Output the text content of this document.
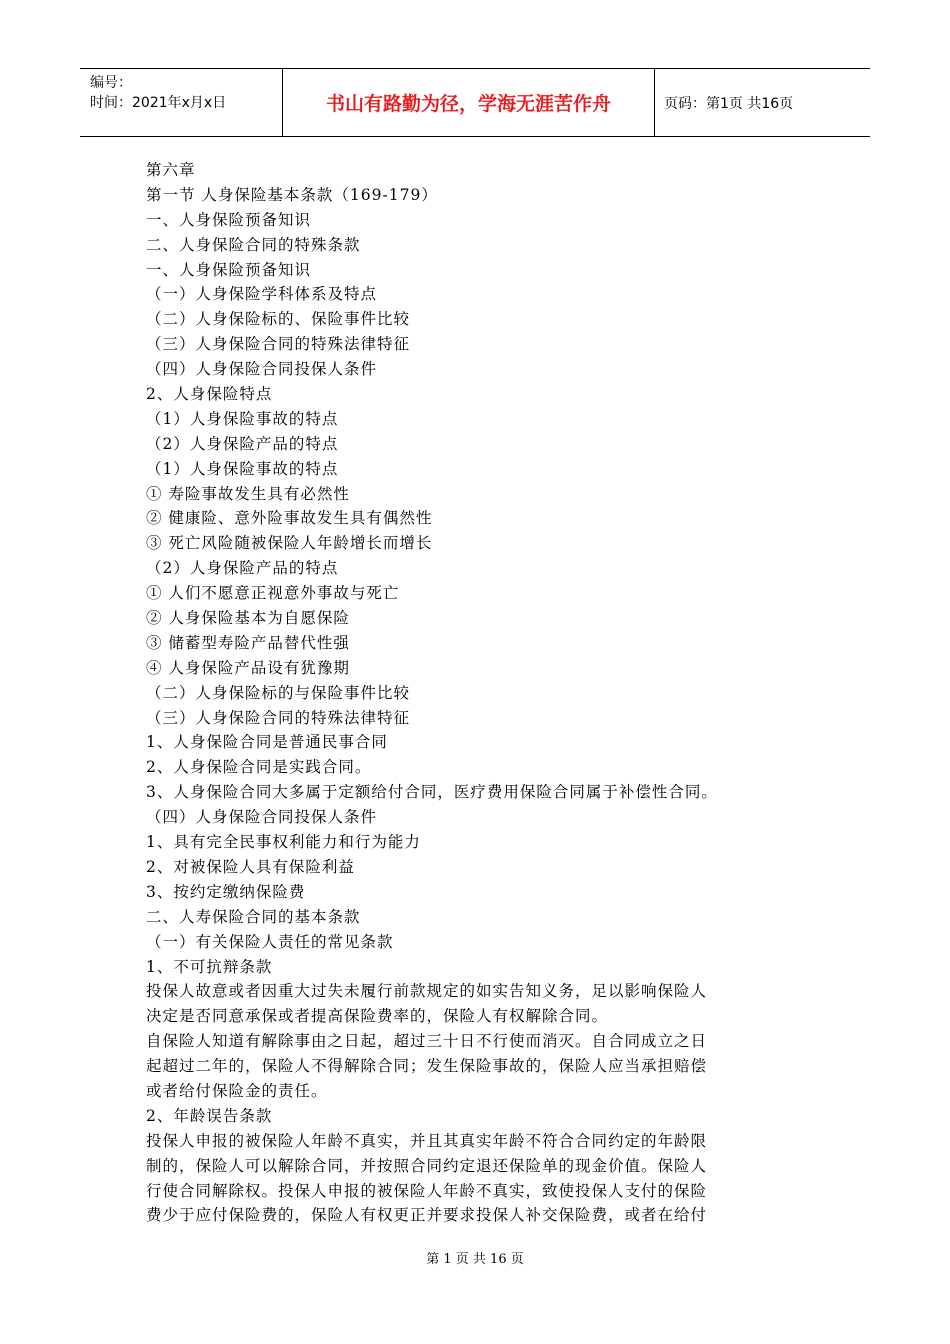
编号：
时间：2021年x月x日	书山有路勤为径，学海无涯苦作舟	页码：第1页 共16页
第六章
第一节 人身保险基本条款（169-179）
一、人身保险预备知识
二、人身保险合同的特殊条款
一、人身保险预备知识
（一）人身保险学科体系及特点
（二）人身保险标的、保险事件比较
（三）人身保险合同的特殊法律特征
（四）人身保险合同投保人条件
2、人身保险特点
（1）人身保险事故的特点
（2）人身保险产品的特点
（1）人身保险事故的特点
① 寿险事故发生具有必然性
② 健康险、意外险事故发生具有偶然性
③ 死亡风险随被保险人年龄增长而增长
（2）人身保险产品的特点
① 人们不愿意正视意外事故与死亡
② 人身保险基本为自愿保险
③ 储蓄型寿险产品替代性强
④ 人身保险产品设有犹豫期
（二）人身保险标的与保险事件比较
（三）人身保险合同的特殊法律特征
1、人身保险合同是普通民事合同
2、人身保险合同是实践合同。
3、人身保险合同大多属于定额给付合同，医疗费用保险合同属于补偿性合同。
（四）人身保险合同投保人条件
1、具有完全民事权利能力和行为能力
2、对被保险人具有保险利益
3、按约定缴纳保险费
二、人寿保险合同的基本条款
（一）有关保险人责任的常见条款
1、不可抗辩条款
投保人故意或者因重大过失未履行前款规定的如实告知义务，足以影响保险人
决定是否同意承保或者提高保险费率的，保险人有权解除合同。
自保险人知道有解除事由之日起，超过三十日不行使而消灭。自合同成立之日
起超过二年的，保险人不得解除合同；发生保险事故的，保险人应当承担赔偿
或者给付保险金的责任。
2、年龄误告条款
投保人申报的被保险人年龄不真实，并且其真实年龄不符合合同约定的年龄限
制的，保险人可以解除合同，并按照合同约定退还保险单的现金价值。保险人
行使合同解除权。投保人申报的被保险人年龄不真实，致使投保人支付的保险
费少于应付保险费的，保险人有权更正并要求投保人补交保险费，或者在给付
第 1 页 共 16 页
